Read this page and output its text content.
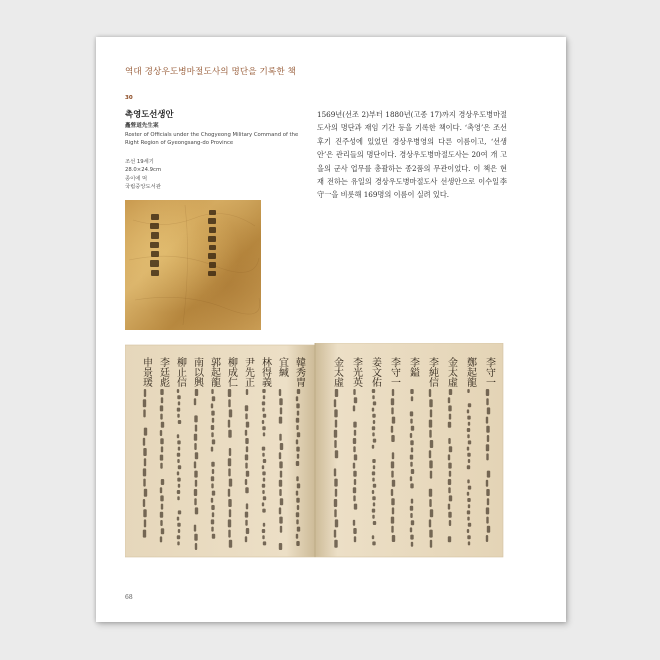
역대 경상우도병마절도사의 명단을 기록한 책
30
촉영도선생안
矗營道先生案
Roster of Officials under the Chogyeong Military Command of the Right Region of Gyeongsang-do Province
조선 19세기
28.0×24.9cm
종이에 먹
국립중앙도서관
1569년(선조 2)부터 1880년(고종 17)까지 경상우도병마절도사의 명단과 재임 기간 등을 기록한 책이다. ‘촉영’은 조선후기 진주성에 있었던 경상우병영의 다른 이름이고, ‘선생안’은 관리들의 명단이다. 경상우도병마절도사는 20여 개 고을의 군사 업무를 총괄하는 종2품의 무관이었다. 이 책은 현재 전하는 유일의 경상우도병마절도사 선생안으로 이수일李守一을 비롯해 169명의 이름이 실려 있다.
李守一
鄭起龍
金太虛
李純信
李鎰
李守一
姜文佑
李光英
金太虛
韓秀冑
宜緘
林得義
尹先正
柳成仁
郭起龍
南以興
柳止信
李廷彪
申景瑗
68
